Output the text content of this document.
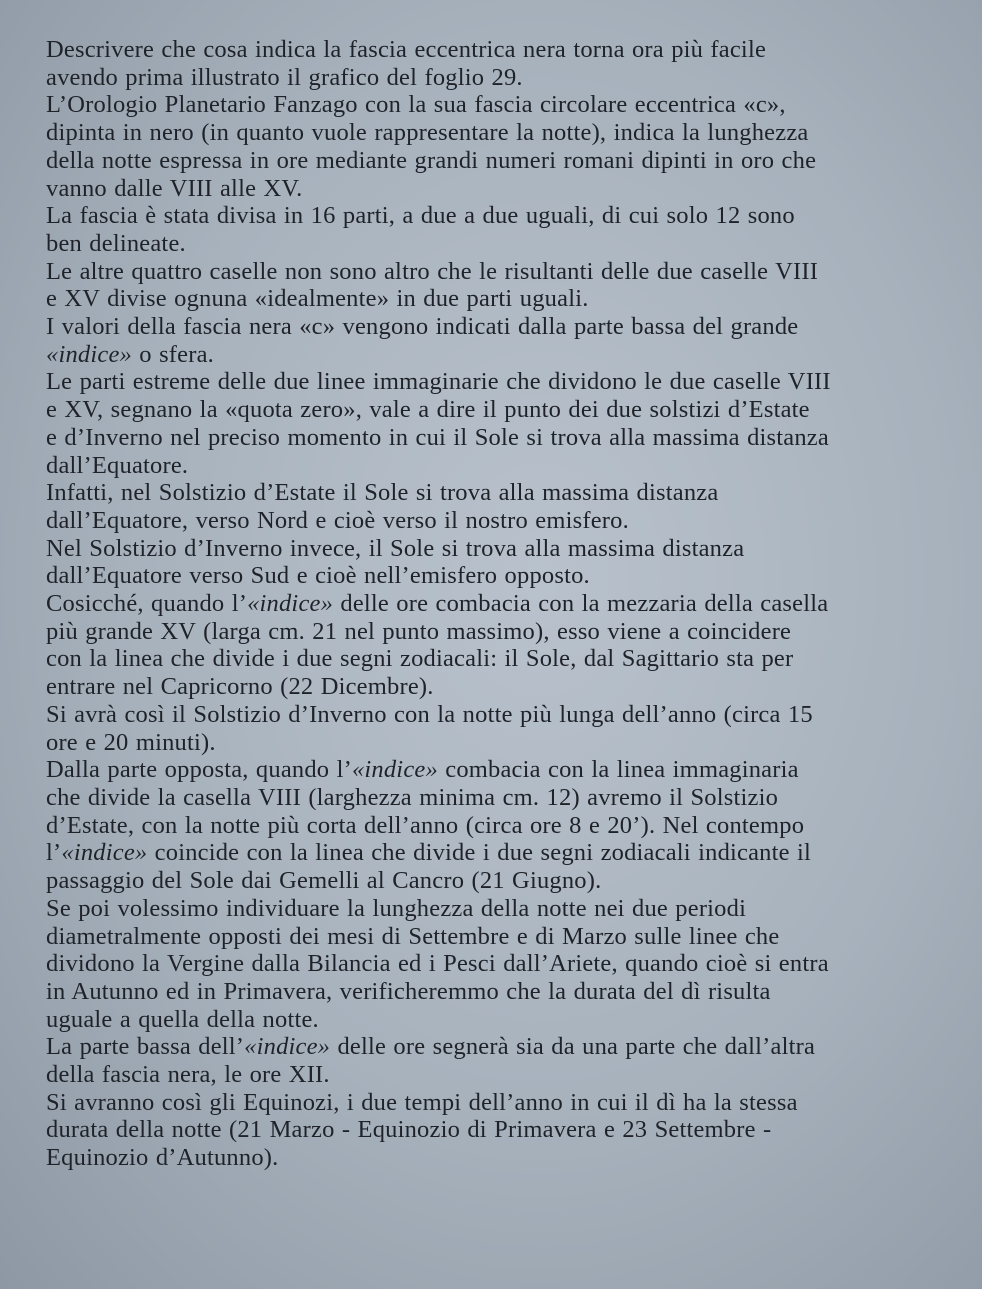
Descrivere che cosa indica la fascia eccentrica nera torna ora più facile
avendo prima illustrato il grafico del foglio 29.

L’Orologio Planetario Fanzago con la sua fascia circolare eccentrica «c»,
dipinta in nero (in quanto vuole rappresentare la notte), indica la lunghezza
della notte espressa in ore mediante grandi numeri romani dipinti in oro che
vanno dalle VIII alle XV.

La fascia è stata divisa in 16 parti, a due a due uguali, di cui solo 12 sono
ben delineate.

Le altre quattro caselle non sono altro che le risultanti delle due caselle VIII
e XV divise ognuna «idealmente» in due parti uguali.

I valori della fascia nera «c» vengono indicati dalla parte bassa del grande
«indice» o sfera.

Le parti estreme delle due linee immaginarie che dividono le due caselle VIII
e XV, segnano la «quota zero», vale a dire il punto dei due solstizi d’Estate
e d’Inverno nel preciso momento in cui il Sole si trova alla massima distanza
dall’Equatore.

Infatti, nel Solstizio d’Estate il Sole si trova alla massima distanza
dall’Equatore, verso Nord e cioè verso il nostro emisfero.

Nel Solstizio d’Inverno invece, il Sole si trova alla massima distanza
dall’Equatore verso Sud e cioè nell’emisfero opposto.

Cosicché, quando l’«indice» delle ore combacia con la mezzaria della casella
più grande XV (larga cm. 21 nel punto massimo), esso viene a coincidere
con la linea che divide i due segni zodiacali: il Sole, dal Sagittario sta per
entrare nel Capricorno (22 Dicembre).

Si avrà così il Solstizio d’Inverno con la notte più lunga dell’anno (circa 15
ore e 20 minuti).

Dalla parte opposta, quando l’«indice» combacia con la linea immaginaria
che divide la casella VIII (larghezza minima cm. 12) avremo il Solstizio
d’Estate, con la notte più corta dell’anno (circa ore 8 e 20’). Nel contempo
l’«indice» coincide con la linea che divide i due segni zodiacali indicante il
passaggio del Sole dai Gemelli al Cancro (21 Giugno).

Se poi volessimo individuare la lunghezza della notte nei due periodi
diametralmente opposti dei mesi di Settembre e di Marzo sulle linee che
dividono la Vergine dalla Bilancia ed i Pesci dall’Ariete, quando cioè si entra
in Autunno ed in Primavera, verificheremmo che la durata del dì risulta
uguale a quella della notte.

La parte bassa dell’«indice» delle ore segnerà sia da una parte che dall’altra
della fascia nera, le ore XII.

Si avranno così gli Equinozi, i due tempi dell’anno in cui il dì ha la stessa
durata della notte (21 Marzo - Equinozio di Primavera e 23 Settembre -
Equinozio d’Autunno).
